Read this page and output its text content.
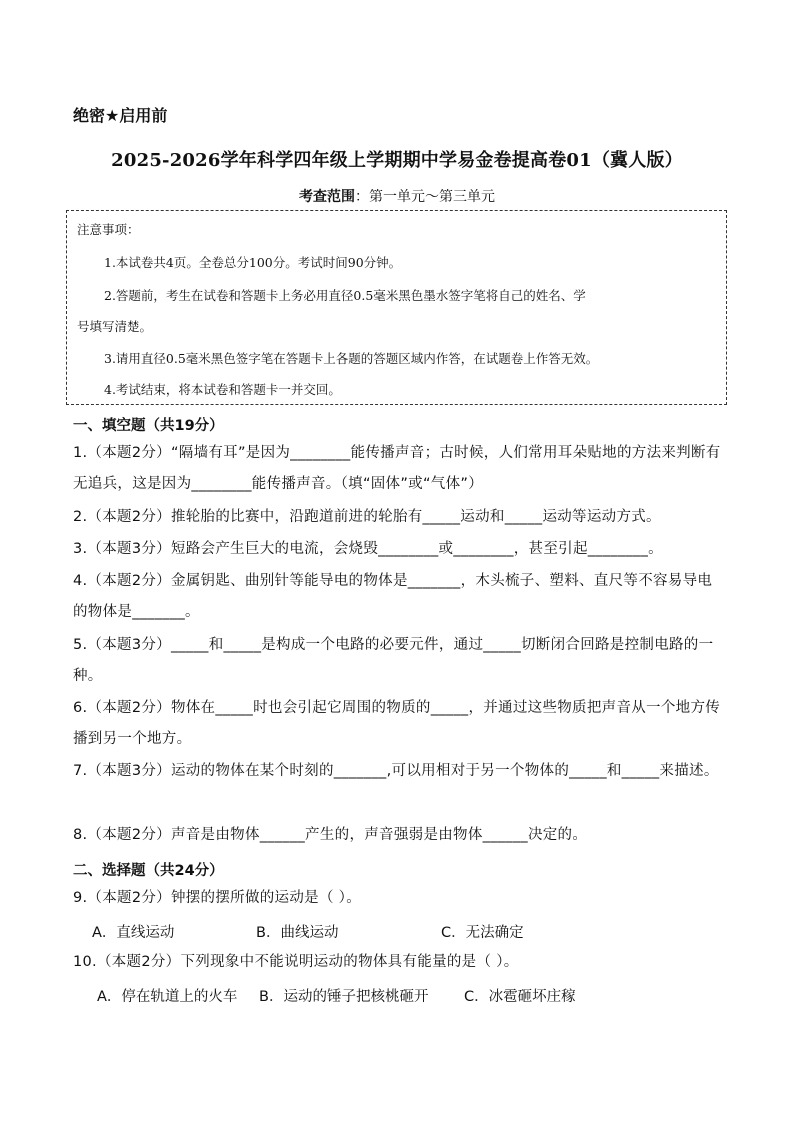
绝密★启用前
2025-2026学年科学四年级上学期期中学易金卷提高卷01（冀人版）
考查范围：第一单元～第三单元
注意事项：
1.本试卷共4页。全卷总分100分。考试时间90分钟。
2.答题前，考生在试卷和答题卡上务必用直径0.5毫米黑色墨水签字笔将自己的姓名、学
号填写清楚。
3.请用直径0.5毫米黑色签字笔在答题卡上各题的答题区域内作答，在试题卷上作答无效。
4.考试结束，将本试卷和答题卡一并交回。
一、填空题（共19分）
1.（本题2分）“隔墙有耳”是因为________能传播声音；古时候，人们常用耳朵贴地的方法来判断有无追兵，这是因为________能传播声音。（填“固体”或“气体”）
2.（本题2分）推轮胎的比赛中，沿跑道前进的轮胎有_____运动和_____运动等运动方式。
3.（本题3分）短路会产生巨大的电流，会烧毁________或________，甚至引起________。
4.（本题2分）金属钥匙、曲别针等能导电的物体是_______，木头梳子、塑料、直尺等不容易导电的物体是_______。
5.（本题3分）_____和_____是构成一个电路的必要元件，通过_____切断闭合回路是控制电路的一种。
6.（本题2分）物体在_____时也会引起它周围的物质的_____，并通过这些物质把声音从一个地方传播到另一个地方。
7.（本题3分）运动的物体在某个时刻的_______,可以用相对于另一个物体的_____和_____来描述。
8.（本题2分）声音是由物体______产生的，声音强弱是由物体______决定的。
二、选择题（共24分）
9.（本题2分）钟摆的摆所做的运动是（ ）。
A．直线运动	B．曲线运动	C．无法确定
10.（本题2分）下列现象中不能说明运动的物体具有能量的是（ ）。
A．停在轨道上的火车 B．运动的锤子把核桃砸开 C．冰雹砸坏庄稼
